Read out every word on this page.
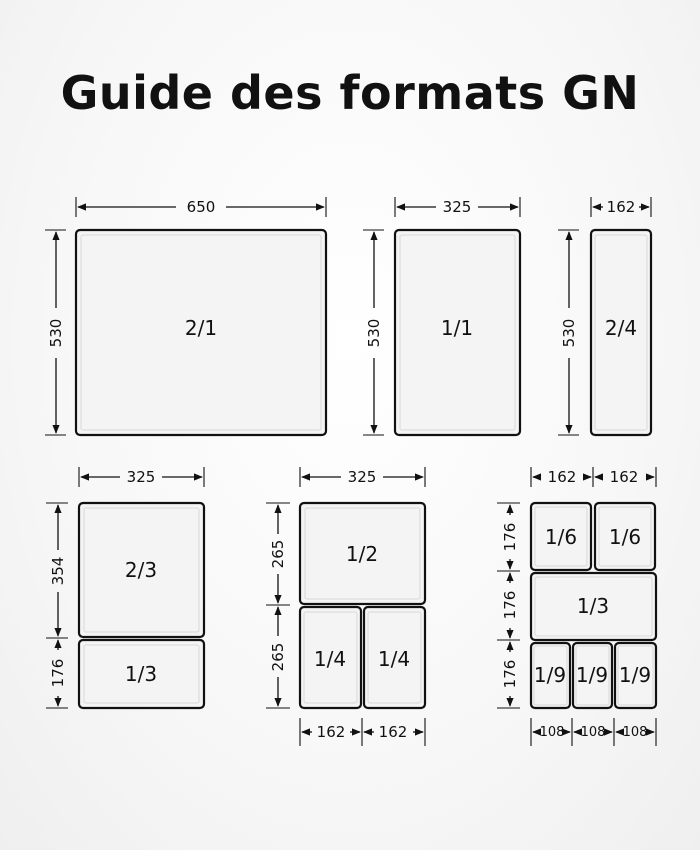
Guide des formats GN
650
530	2/1
325
530	1/1
162
530 2/4
325
354
176
2/3
1/3
325
265
265
1/2
1/4 1/4
162 162
162 162
176
176
176
1/6 1/6
1/3
1/9 1/9 1/9
108 108 108
